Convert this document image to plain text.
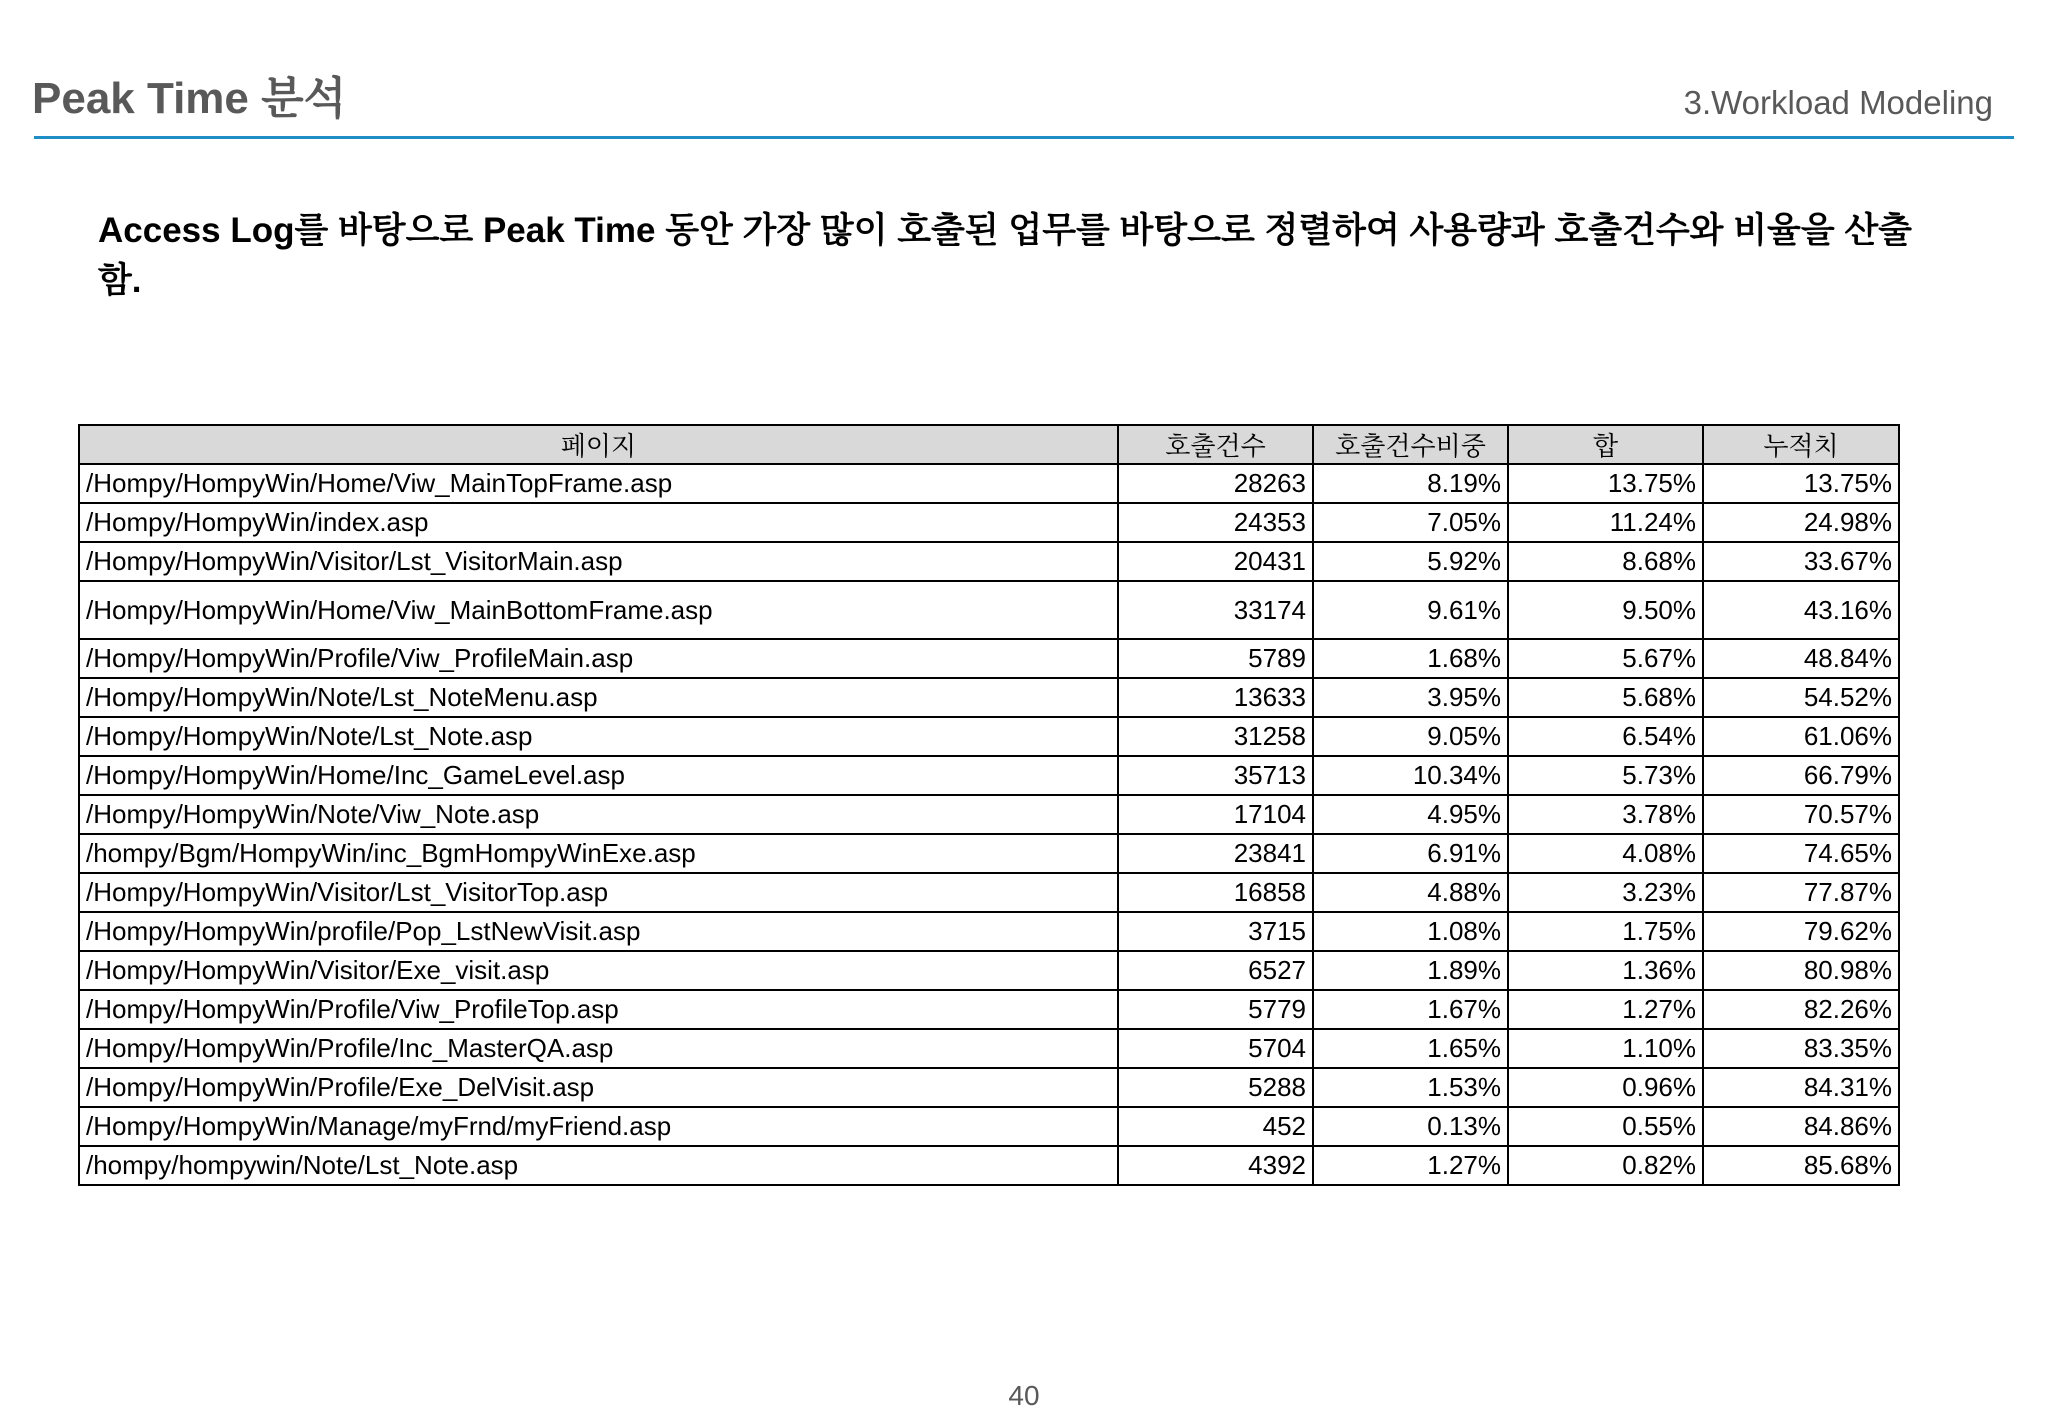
Peak Time 분석	3.Workload Modeling
Access Log를 바탕으로 Peak Time 동안 가장 많이 호출된 업무를 바탕으로 정렬하여 사용량과 호출건수와 비율을 산출함.
페이지	호출건수	호출건수비중	합	누적치
/Hompy/HompyWin/Home/Viw_MainTopFrame.asp	28263	8.19%	13.75%	13.75%
/Hompy/HompyWin/index.asp	24353	7.05%	11.24%	24.98%
/Hompy/HompyWin/Visitor/Lst_VisitorMain.asp	20431	5.92%	8.68%	33.67%
/Hompy/HompyWin/Home/Viw_MainBottomFrame.asp	33174	9.61%	9.50%	43.16%
/Hompy/HompyWin/Profile/Viw_ProfileMain.asp	5789	1.68%	5.67%	48.84%
/Hompy/HompyWin/Note/Lst_NoteMenu.asp	13633	3.95%	5.68%	54.52%
/Hompy/HompyWin/Note/Lst_Note.asp	31258	9.05%	6.54%	61.06%
/Hompy/HompyWin/Home/Inc_GameLevel.asp	35713	10.34%	5.73%	66.79%
/Hompy/HompyWin/Note/Viw_Note.asp	17104	4.95%	3.78%	70.57%
/hompy/Bgm/HompyWin/inc_BgmHompyWinExe.asp	23841	6.91%	4.08%	74.65%
/Hompy/HompyWin/Visitor/Lst_VisitorTop.asp	16858	4.88%	3.23%	77.87%
/Hompy/HompyWin/profile/Pop_LstNewVisit.asp	3715	1.08%	1.75%	79.62%
/Hompy/HompyWin/Visitor/Exe_visit.asp	6527	1.89%	1.36%	80.98%
/Hompy/HompyWin/Profile/Viw_ProfileTop.asp	5779	1.67%	1.27%	82.26%
/Hompy/HompyWin/Profile/Inc_MasterQA.asp	5704	1.65%	1.10%	83.35%
/Hompy/HompyWin/Profile/Exe_DelVisit.asp	5288	1.53%	0.96%	84.31%
/Hompy/HompyWin/Manage/myFrnd/myFriend.asp	452	0.13%	0.55%	84.86%
/hompy/hompywin/Note/Lst_Note.asp	4392	1.27%	0.82%	85.68%
40
